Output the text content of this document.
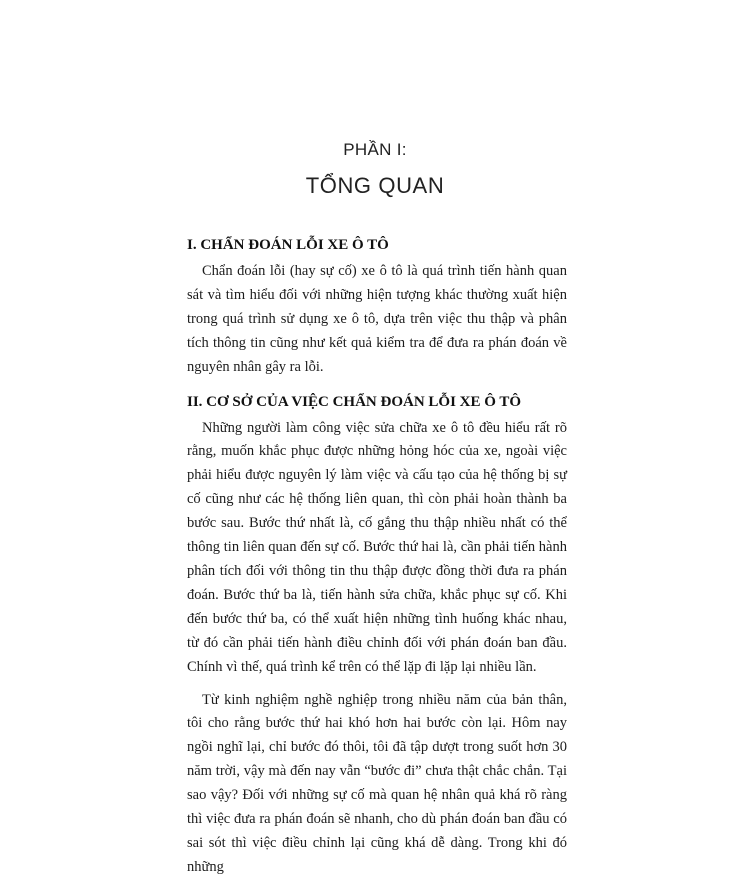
PHẦN I:
TỔNG QUAN
I. CHẨN ĐOÁN LỖI XE Ô TÔ

Chẩn đoán lỗi (hay sự cố) xe ô tô là quá trình tiến hành quan sát và tìm hiểu đối với những hiện tượng khác thường xuất hiện trong quá trình sử dụng xe ô tô, dựa trên việc thu thập và phân tích thông tin cũng như kết quả kiểm tra để đưa ra phán đoán về nguyên nhân gây ra lỗi.

II. CƠ SỞ CỦA VIỆC CHẨN ĐOÁN LỖI XE Ô TÔ

Những người làm công việc sửa chữa xe ô tô đều hiểu rất rõ rằng, muốn khắc phục được những hỏng hóc của xe, ngoài việc phải hiểu được nguyên lý làm việc và cấu tạo của hệ thống bị sự cố cũng như các hệ thống liên quan, thì còn phải hoàn thành ba bước sau. Bước thứ nhất là, cố gắng thu thập nhiều nhất có thể thông tin liên quan đến sự cố. Bước thứ hai là, cần phải tiến hành phân tích đối với thông tin thu thập được đồng thời đưa ra phán đoán. Bước thứ ba là, tiến hành sửa chữa, khắc phục sự cố. Khi đến bước thứ ba, có thể xuất hiện những tình huống khác nhau, từ đó cần phải tiến hành điều chỉnh đối với phán đoán ban đầu. Chính vì thế, quá trình kể trên có thể lặp đi lặp lại nhiều lần.

Từ kinh nghiệm nghề nghiệp trong nhiều năm của bản thân, tôi cho rằng bước thứ hai khó hơn hai bước còn lại. Hôm nay ngồi nghĩ lại, chỉ bước đó thôi, tôi đã tập dượt trong suốt hơn 30 năm trời, vậy mà đến nay vẫn “bước đi” chưa thật chắc chắn. Tại sao vậy? Đối với những sự cố mà quan hệ nhân quả khá rõ ràng thì việc đưa ra phán đoán sẽ nhanh, cho dù phán đoán ban đầu có sai sót thì việc điều chỉnh lại cũng khá dễ dàng. Trong khi đó những
